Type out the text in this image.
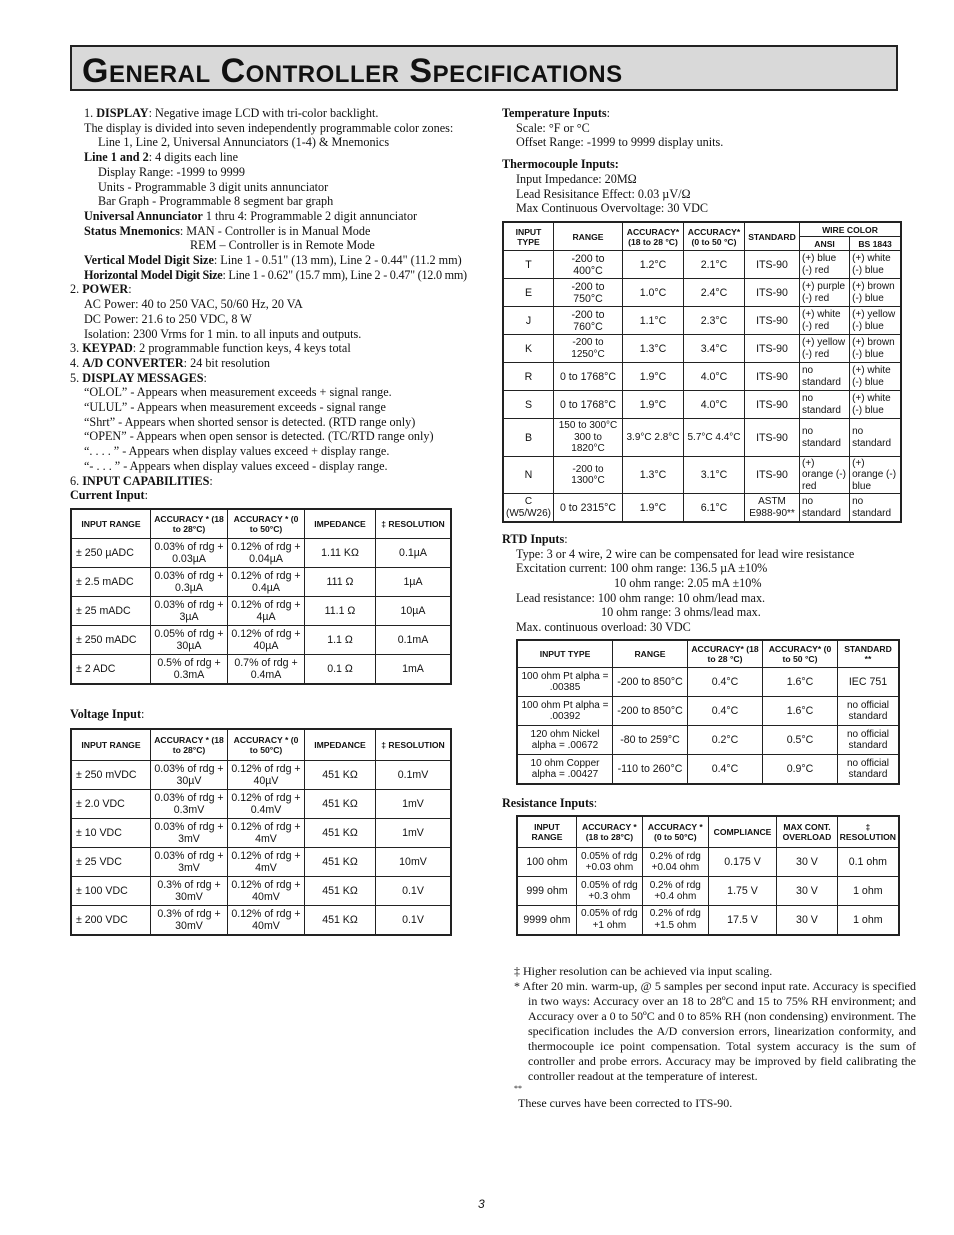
General Controller Specifications
1. DISPLAY: Negative image LCD with tri-color backlight.
The display is divided into seven independently programmable color zones:
Line 1, Line 2, Universal Annunciators (1-4) & Mnemonics
Line 1 and 2: 4 digits each line
Display Range: -1999 to 9999
Units - Programmable 3 digit units annunciator
Bar Graph - Programmable 8 segment bar graph
Universal Annunciator 1 thru 4: Programmable 2 digit annunciator
Status Mnemonics: MAN - Controller is in Manual Mode
REM – Controller is in Remote Mode
Vertical Model Digit Size: Line 1 - 0.51" (13 mm), Line 2 - 0.44" (11.2 mm)
Horizontal Model Digit Size: Line 1 - 0.62" (15.7 mm), Line 2 - 0.47" (12.0 mm)
2. POWER:
AC Power: 40 to 250 VAC, 50/60 Hz, 20 VA
DC Power: 21.6 to 250 VDC, 8 W
Isolation: 2300 Vrms for 1 min. to all inputs and outputs.
3. KEYPAD: 2 programmable function keys, 4 keys total
4. A/D CONVERTER: 24 bit resolution
5. DISPLAY MESSAGES:
“OLOL” - Appears when measurement exceeds + signal range.
“ULUL” - Appears when measurement exceeds - signal range
“Shrt” - Appears when shorted sensor is detected. (RTD range only)
“OPEN” - Appears when open sensor is detected. (TC/RTD range only)
“. . . . ” - Appears when display values exceed + display range.
“- . . . ” - Appears when display values exceed - display range.
6. INPUT CAPABILITIES:
Current Input:
INPUT RANGE	ACCURACY * (18 to 28°C)	ACCURACY * (0 to 50°C)	IMPEDANCE	‡ RESOLUTION
± 250 µADC	0.03% of rdg + 0.03µA	0.12% of rdg + 0.04µA	1.11 KΩ	0.1µA
± 2.5 mADC	0.03% of rdg + 0.3µA	0.12% of rdg + 0.4µA	111 Ω	1µA
± 25 mADC	0.03% of rdg + 3µA	0.12% of rdg + 4µA	11.1 Ω	10µA
± 250 mADC	0.05% of rdg + 30µA	0.12% of rdg + 40µA	1.1 Ω	0.1mA
± 2 ADC	0.5% of rdg + 0.3mA	0.7% of rdg + 0.4mA	0.1 Ω	1mA
Voltage Input:
INPUT RANGE	ACCURACY * (18 to 28°C)	ACCURACY * (0 to 50°C)	IMPEDANCE	‡ RESOLUTION
± 250 mVDC	0.03% of rdg + 30µV	0.12% of rdg + 40µV	451 KΩ	0.1mV
± 2.0 VDC	0.03% of rdg + 0.3mV	0.12% of rdg + 0.4mV	451 KΩ	1mV
± 10 VDC	0.03% of rdg + 3mV	0.12% of rdg + 4mV	451 KΩ	1mV
± 25 VDC	0.03% of rdg + 3mV	0.12% of rdg + 4mV	451 KΩ	10mV
± 100 VDC	0.3% of rdg + 30mV	0.12% of rdg + 40mV	451 KΩ	0.1V
± 200 VDC	0.3% of rdg + 30mV	0.12% of rdg + 40mV	451 KΩ	0.1V
Temperature Inputs:
Scale: °F or °C
Offset Range: -1999 to 9999 display units.
Thermocouple Inputs:
Input Impedance: 20MΩ
Lead Resisitance Effect: 0.03 µV/Ω
Max Continuous Overvoltage: 30 VDC
INPUT TYPE	RANGE	ACCURACY* (18 to 28 °C)	ACCURACY* (0 to 50 °C)	STANDARD	WIRE COLOR	
					ANSI	BS 1843
T	-200 to 400°C	1.2°C	2.1°C	ITS-90	(+) blue (-) red	(+) white (-) blue
E	-200 to 750°C	1.0°C	2.4°C	ITS-90	(+) purple (-) red	(+) brown (-) blue
J	-200 to 760°C	1.1°C	2.3°C	ITS-90	(+) white (-) red	(+) yellow (-) blue
K	-200 to 1250°C	1.3°C	3.4°C	ITS-90	(+) yellow (-) red	(+) brown (-) blue
R	0 to 1768°C	1.9°C	4.0°C	ITS-90	no standard	(+) white (-) blue
S	0 to 1768°C	1.9°C	4.0°C	ITS-90	no standard	(+) white (-) blue
B	150 to 300°C 300 to 1820°C	3.9°C 2.8°C	5.7°C 4.4°C	ITS-90	no standard	no standard
N	-200 to 1300°C	1.3°C	3.1°C	ITS-90	(+) orange (-) red	(+) orange (-) blue
C (W5/W26)	0 to 2315°C	1.9°C	6.1°C	ASTM E988-90**	no standard	no standard
RTD Inputs:
Type: 3 or 4 wire, 2 wire can be compensated for lead wire resistance
Excitation current: 100 ohm range: 136.5 µA ±10%
10 ohm range: 2.05 mA ±10%
Lead resistance: 100 ohm range: 10 ohm/lead max.
10 ohm range: 3 ohms/lead max.
Max. continuous overload: 30 VDC
INPUT TYPE	RANGE	ACCURACY* (18 to 28 °C)	ACCURACY* (0 to 50 °C)	STANDARD **
100 ohm Pt alpha = .00385	-200 to 850°C	0.4°C	1.6°C	IEC 751
100 ohm Pt alpha = .00392	-200 to 850°C	0.4°C	1.6°C	no official standard
120 ohm Nickel alpha = .00672	-80 to 259°C	0.2°C	0.5°C	no official standard
10 ohm Copper alpha = .00427	-110 to 260°C	0.4°C	0.9°C	no official standard
Resistance Inputs:
INPUT RANGE	ACCURACY * (18 to 28°C)	ACCURACY * (0 to 50°C)	COMPLIANCE	MAX CONT. OVERLOAD	‡ RESOLUTION
100 ohm	0.05% of rdg +0.03 ohm	0.2% of rdg +0.04 ohm	0.175 V	30 V	0.1 ohm
999 ohm	0.05% of rdg +0.3 ohm	0.2% of rdg +0.4 ohm	1.75 V	30 V	1 ohm
9999 ohm	0.05% of rdg +1 ohm	0.2% of rdg +1.5 ohm	17.5 V	30 V	1 ohm
‡ Higher resolution can be achieved via input scaling.
* After 20 min. warm-up, @ 5 samples per second input rate. Accuracy is specified in two ways: Accuracy over an 18 to 28ºC and 15 to 75% RH environment; and Accuracy over a 0 to 50ºC and 0 to 85% RH (non condensing) environment. The specification includes the A/D conversion errors, linearization conformity, and thermocouple ice point compensation. Total system accuracy is the sum of controller and probe errors. Accuracy may be improved by field calibrating the controller readout at the temperature of interest.
**
These curves have been corrected to ITS-90.
3
